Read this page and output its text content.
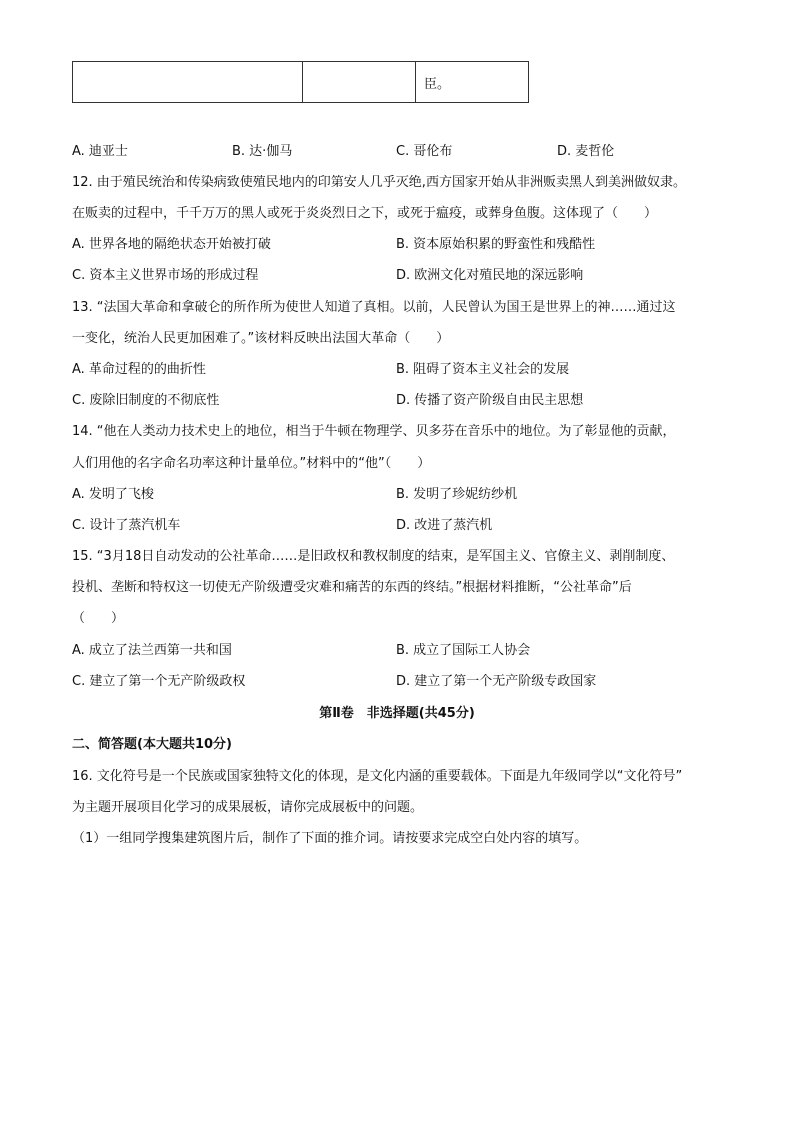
		臣。
A. 迪亚士	B. 达·伽马	C. 哥伦布	D. 麦哲伦
12. 由于殖民统治和传染病致使殖民地内的印第安人几乎灭绝,西方国家开始从非洲贩卖黑人到美洲做奴隶。
在贩卖的过程中，千千万万的黑人或死于炎炎烈日之下，或死于瘟疫，或葬身鱼腹。这体现了（　　）
A. 世界各地的隔绝状态开始被打破	B. 资本原始积累的野蛮性和残酷性
C. 资本主义世界市场的形成过程	D. 欧洲文化对殖民地的深远影响
13. “法国大革命和拿破仑的所作所为使世人知道了真相。以前，人民曾认为国王是世界上的神……通过这
一变化，统治人民更加困难了。”该材料反映出法国大革命（　　）
A. 革命过程的的曲折性	B. 阻碍了资本主义社会的发展
C. 废除旧制度的不彻底性	D. 传播了资产阶级自由民主思想
14. “他在人类动力技术史上的地位，相当于牛顿在物理学、贝多芬在音乐中的地位。为了彰显他的贡献，
人们用他的名字命名功率这种计量单位。”材料中的“他”（　　）
A. 发明了飞梭	B. 发明了珍妮纺纱机
C. 设计了蒸汽机车	D. 改进了蒸汽机
15. “3月18日自动发动的公社革命……是旧政权和教权制度的结束，是军国主义、官僚主义、剥削制度、
投机、垄断和特权这一切使无产阶级遭受灾难和痛苦的东西的终结。”根据材料推断，“公社革命”后
（　　）
A. 成立了法兰西第一共和国	B. 成立了国际工人协会
C. 建立了第一个无产阶级政权	D. 建立了第一个无产阶级专政国家
第Ⅱ卷　非选择题(共45分)
二、简答题(本大题共10分)
16. 文化符号是一个民族或国家独特文化的体现，是文化内涵的重要载体。下面是九年级同学以“文化符号”
为主题开展项目化学习的成果展板，请你完成展板中的问题。
（1）一组同学搜集建筑图片后，制作了下面的推介词。请按要求完成空白处内容的填写。
